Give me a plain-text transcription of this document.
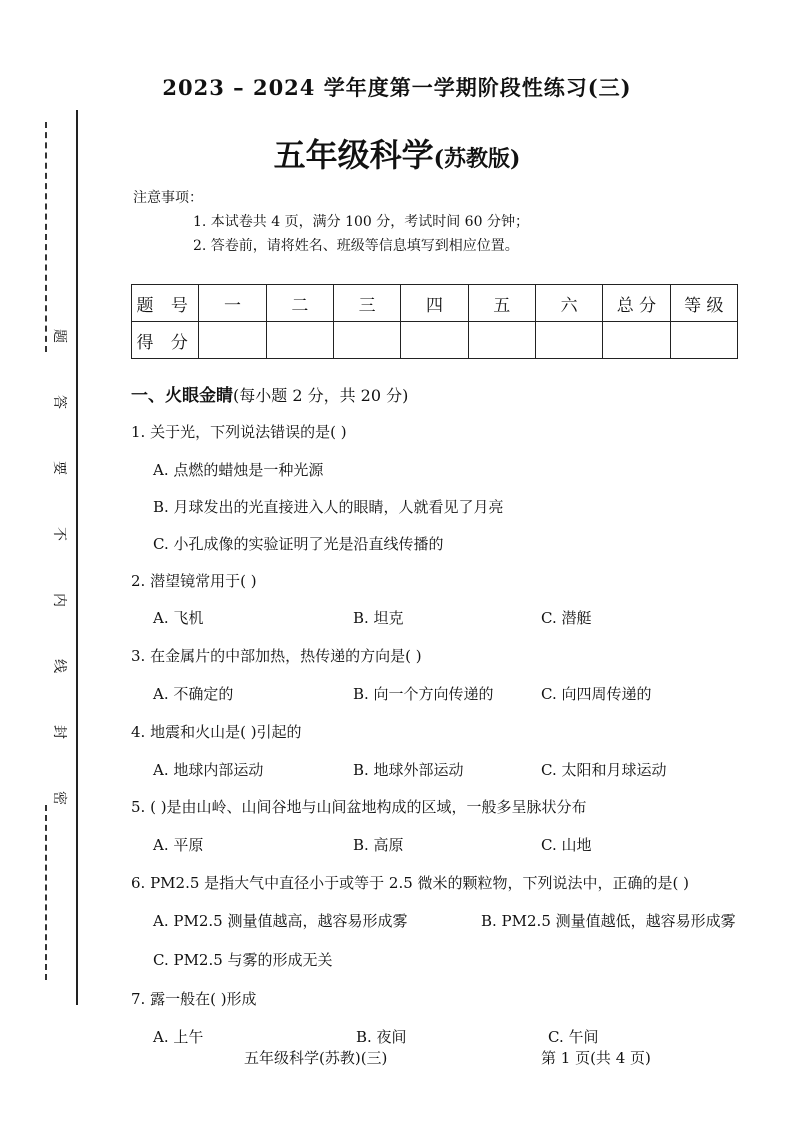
题
答
要
不
内
线
封
密
2023 – 2024 学年度第一学期阶段性练习(三)
五年级科学(苏教版)
注意事项：
1. 本试卷共 4 页，满分 100 分，考试时间 60 分钟；
2. 答卷前，请将姓名、班级等信息填写到相应位置。
题 号	一	二	三	四	五	六	总 分	等 级
得 分								
一、火眼金睛(每小题 2 分，共 20 分)
1. 关于光，下列说法错误的是( )
A. 点燃的蜡烛是一种光源
B. 月球发出的光直接进入人的眼睛，人就看见了月亮
C. 小孔成像的实验证明了光是沿直线传播的
2. 潜望镜常用于( )
A. 飞机	B. 坦克	C. 潜艇
3. 在金属片的中部加热，热传递的方向是( )
A. 不确定的	B. 向一个方向传递的	C. 向四周传递的
4. 地震和火山是( )引起的
A. 地球内部运动	B. 地球外部运动	C. 太阳和月球运动
5. ( )是由山岭、山间谷地与山间盆地构成的区域，一般多呈脉状分布
A. 平原	B. 高原	C. 山地
6. PM2.5 是指大气中直径小于或等于 2.5 微米的颗粒物，下列说法中，正确的是( )
A. PM2.5 测量值越高，越容易形成雾	B. PM2.5 测量值越低，越容易形成雾
C. PM2.5 与雾的形成无关
7. 露一般在( )形成
A. 上午	B. 夜间	C. 午间
五年级科学(苏教)(三)	第 1 页(共 4 页)
